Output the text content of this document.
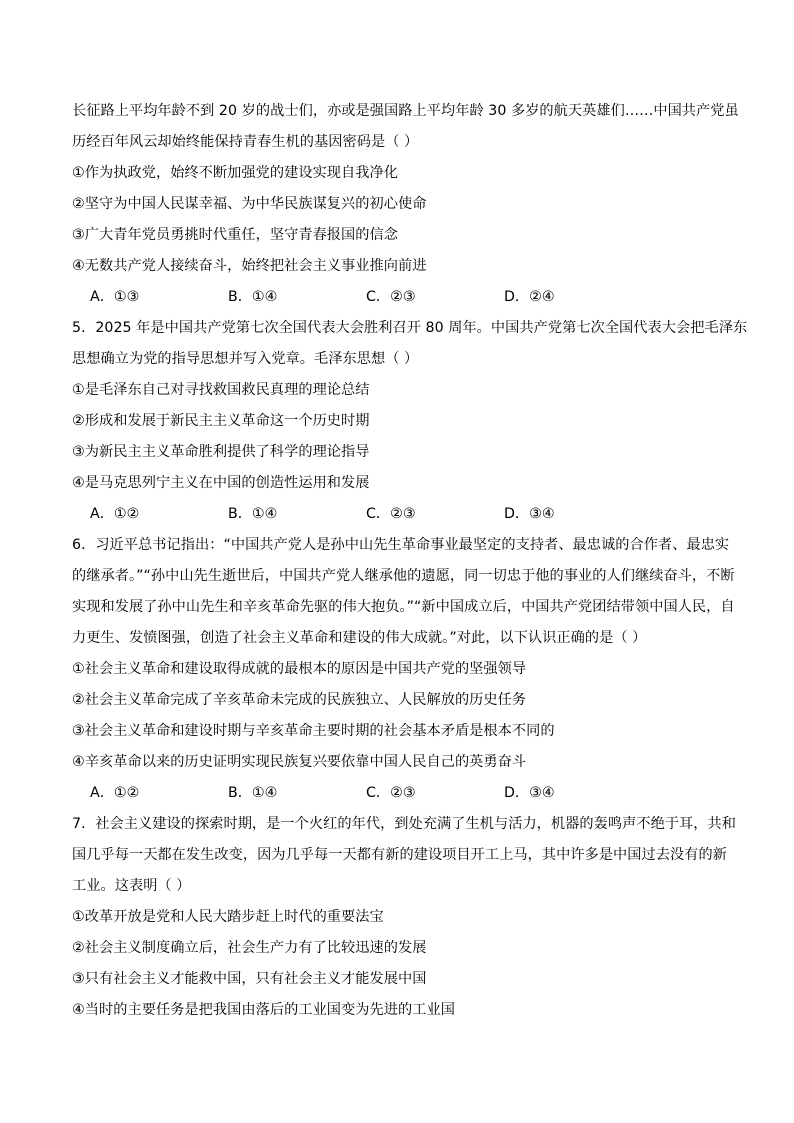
长征路上平均年龄不到 20 岁的战士们，亦或是强国路上平均年龄 30 多岁的航天英雄们……中国共产党虽
历经百年风云却始终能保持青春生机的基因密码是（ ）
①作为执政党，始终不断加强党的建设实现自我净化
②坚守为中国人民谋幸福、为中华民族谋复兴的初心使命
③广大青年党员勇挑时代重任，坚守青春报国的信念
④无数共产党人接续奋斗，始终把社会主义事业推向前进
A．①③	B．①④	C．②③	D．②④
5．2025 年是中国共产党第七次全国代表大会胜利召开 80 周年。中国共产党第七次全国代表大会把毛泽东
思想确立为党的指导思想并写入党章。毛泽东思想（ ）
①是毛泽东自己对寻找救国救民真理的理论总结
②形成和发展于新民主主义革命这一个历史时期
③为新民主主义革命胜利提供了科学的理论指导
④是马克思列宁主义在中国的创造性运用和发展
A．①②	B．①④	C．②③	D．③④
6．习近平总书记指出：“中国共产党人是孙中山先生革命事业最坚定的支持者、最忠诚的合作者、最忠实
的继承者。”“孙中山先生逝世后，中国共产党人继承他的遗愿，同一切忠于他的事业的人们继续奋斗，不断
实现和发展了孙中山先生和辛亥革命先驱的伟大抱负。”“新中国成立后，中国共产党团结带领中国人民，自
力更生、发愤图强，创造了社会主义革命和建设的伟大成就。”对此，以下认识正确的是（ ）
①社会主义革命和建设取得成就的最根本的原因是中国共产党的坚强领导
②社会主义革命完成了辛亥革命未完成的民族独立、人民解放的历史任务
③社会主义革命和建设时期与辛亥革命主要时期的社会基本矛盾是根本不同的
④辛亥革命以来的历史证明实现民族复兴要依靠中国人民自己的英勇奋斗
A．①②	B．①④	C．②③	D．③④
7．社会主义建设的探索时期，是一个火红的年代，到处充满了生机与活力，机器的轰鸣声不绝于耳，共和
国几乎每一天都在发生改变，因为几乎每一天都有新的建设项目开工上马，其中许多是中国过去没有的新
工业。这表明（ ）
①改革开放是党和人民大踏步赶上时代的重要法宝
②社会主义制度确立后，社会生产力有了比较迅速的发展
③只有社会主义才能救中国，只有社会主义才能发展中国
④当时的主要任务是把我国由落后的工业国变为先进的工业国
